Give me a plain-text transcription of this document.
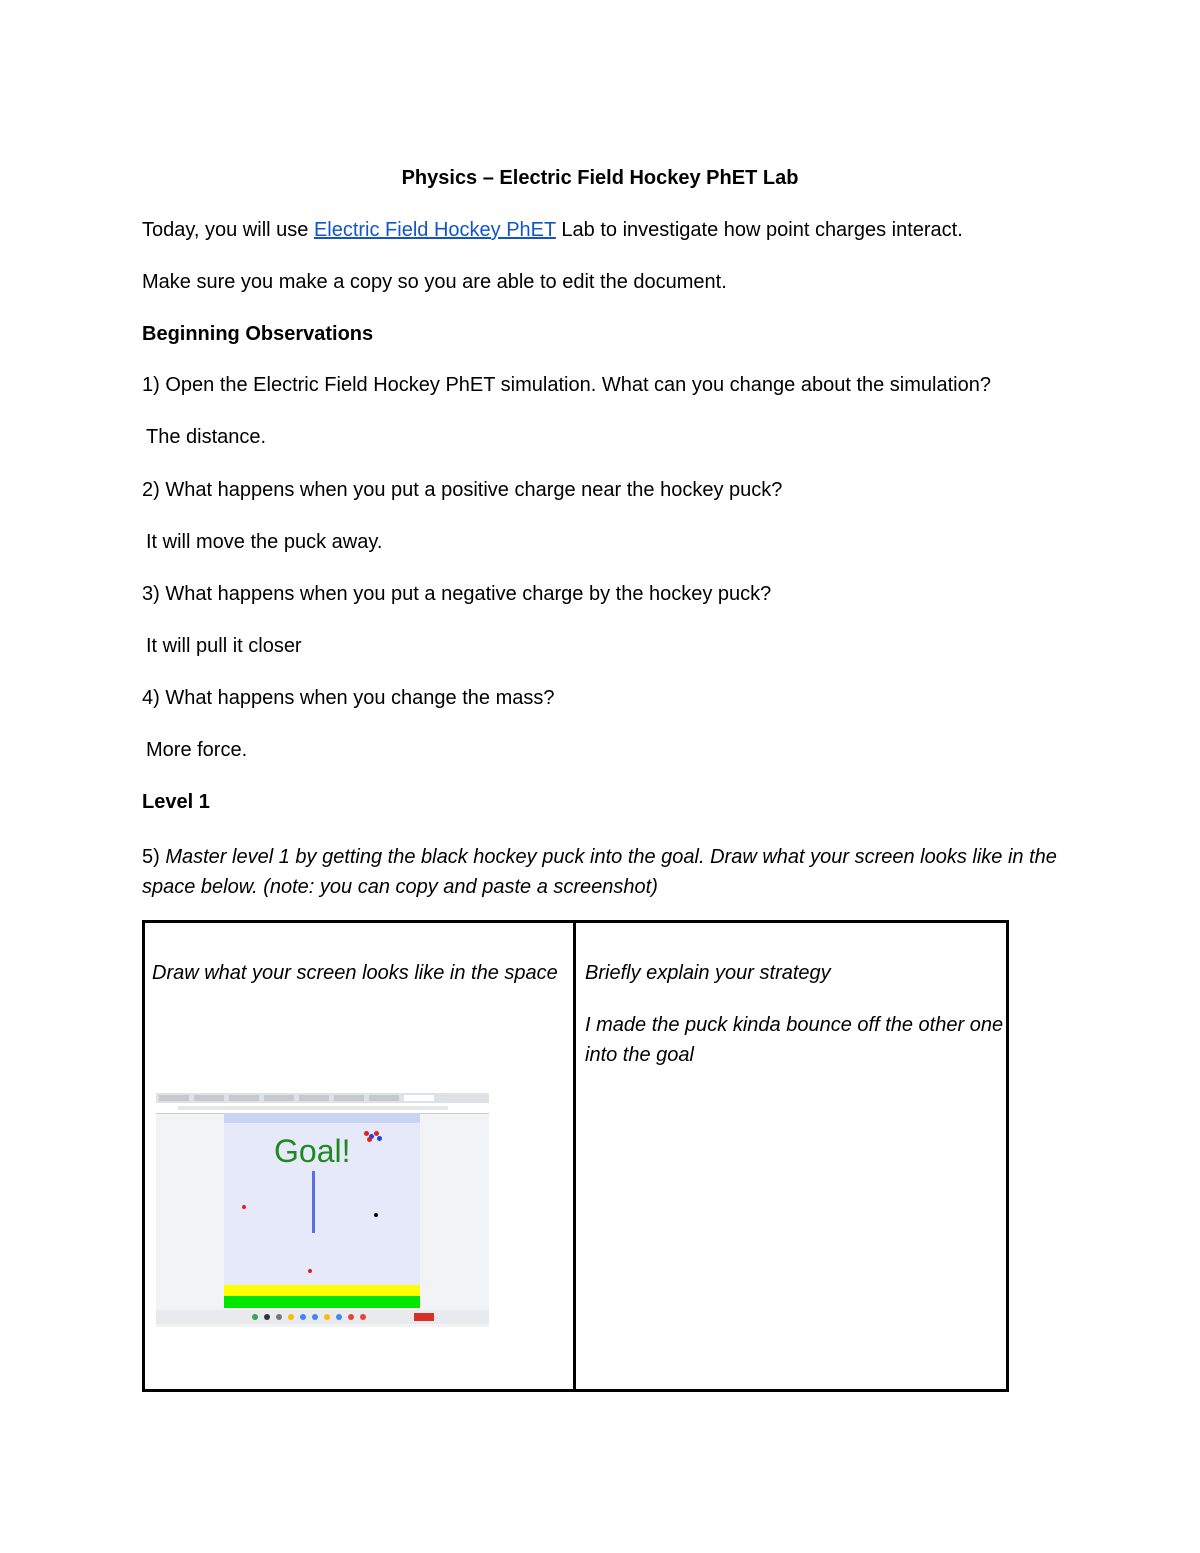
Physics – Electric Field Hockey PhET Lab

Today, you will use Electric Field Hockey PhET Lab to investigate how point charges interact.

Make sure you make a copy so you are able to edit the document.

Beginning Observations

1) Open the Electric Field Hockey PhET simulation. What can you change about the simulation?

The distance.

2) What happens when you put a positive charge near the hockey puck?

It will move the puck away.

3) What happens when you put a negative charge by the hockey puck?

It will pull it closer

4) What happens when you change the mass?

More force.

Level 1

5) Master level 1 by getting the black hockey puck into the goal. Draw what your screen looks like in the space below. (note: you can copy and paste a screenshot)

Draw what your screen looks like in the space Briefly explain your strategy
I made the puck kinda bounce off the other one into the goal
Goal!
